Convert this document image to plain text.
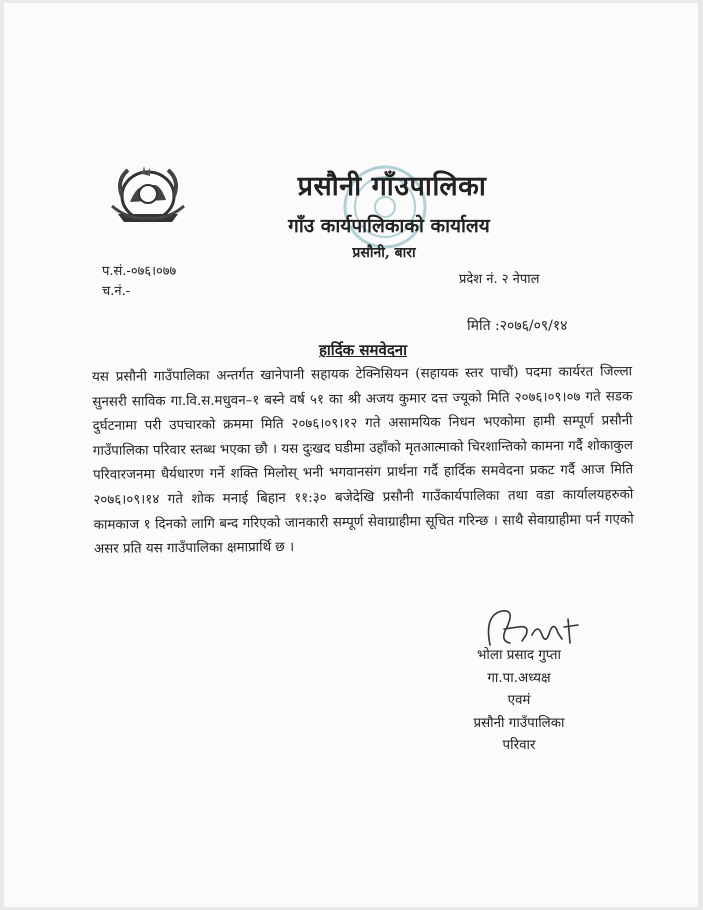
प्रसौनी गाँउपालिका
गाँउ कार्यपालिकाको कार्यालय
प्रसौनी, बारा
प.सं.-०७६।०७७
च.नं.-
प्रदेश नं. २ नेपाल
मिति :२०७६/०९/१४
हार्दिक समवेदना
यस प्रसौनी गाउँपालिका अन्तर्गत खानेपानी सहायक टेक्निसियन (सहायक स्तर पाचौं) पदमा कार्यरत जिल्ला सुनसरी साविक गा.वि.स.मधुवन–१ बस्ने वर्ष ५१ का श्री अजय कुमार दत्त ज्यूको मिति २०७६।०९।०७ गते सडक दुर्घटनामा परी उपचारको क्रममा मिति २०७६।०९।१२ गते असामयिक निधन भएकोमा हामी सम्पूर्ण प्रसौनी गाउँपालिका परिवार स्तब्ध भएका छौ । यस दुःखद घडीमा उहाँको मृतआत्माको चिरशान्तिको कामना गर्दै शोकाकुल परिवारजनमा धैर्यधारण गर्ने शक्ति मिलोस् भनी भगवानसंग प्रार्थना गर्दै हार्दिक समवेदना प्रकट गर्दै आज मिति २०७६।०९।१४ गते शोक मनाई बिहान ११:३० बजेदेखि प्रसौनी गाउँकार्यपालिका तथा वडा कार्यालयहरुको कामकाज १ दिनको लागि बन्द गरिएको जानकारी सम्पूर्ण सेवाग्राहीमा सूचित गरिन्छ । साथै सेवाग्राहीमा पर्न गएको असर प्रति यस गाउँपालिका क्षमाप्रार्थि छ ।
भोला प्रसाद गुप्ता
गा.पा.अध्यक्ष
एवमं
प्रसौनी गाउँपालिका
परिवार
